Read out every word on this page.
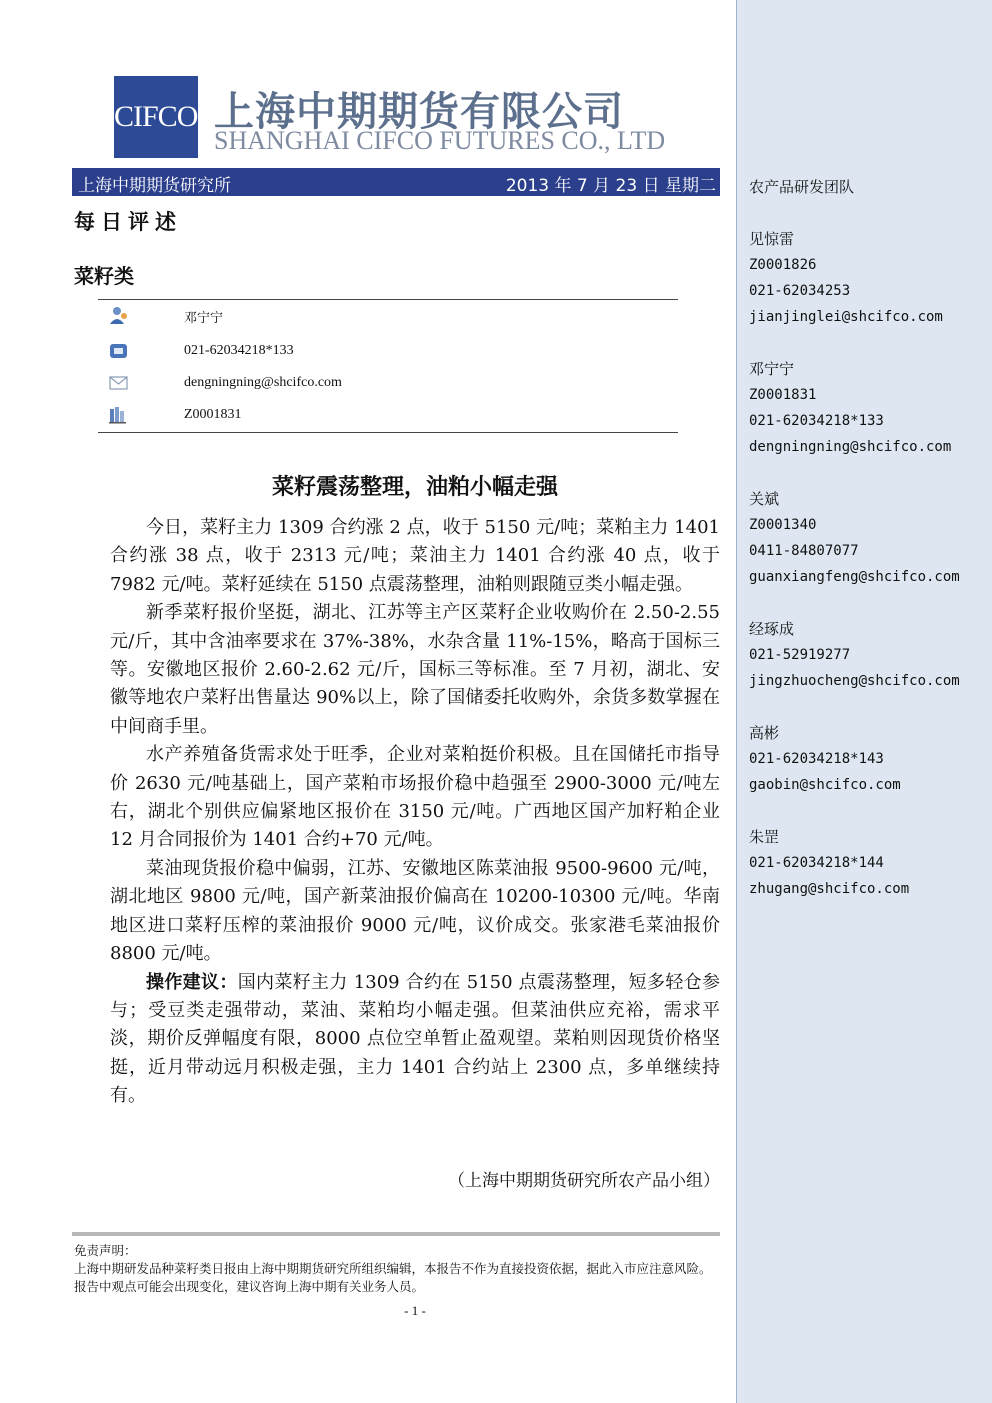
CIFCO 上海中期期货有限公司
SHANGHAI CIFCO FUTURES CO., LTD
上海中期期货研究所	2013 年 7 月 23 日 星期二
每日评述
菜籽类
邓宁宁
021-62034218*133
dengningning@shcifco.com
Z0001831
菜籽震荡整理，油粕小幅走强

今日，菜籽主力 1309 合约涨 2 点，收于 5150 元/吨；菜粕主力 1401 合约涨 38 点，收于 2313 元/吨；菜油主力 1401 合约涨 40 点，收于 7982 元/吨。菜籽延续在 5150 点震荡整理，油粕则跟随豆类小幅走强。

新季菜籽报价坚挺，湖北、江苏等主产区菜籽企业收购价在 2.50-2.55 元/斤，其中含油率要求在 37%-38%，水杂含量 11%-15%，略高于国标三等。安徽地区报价 2.60-2.62 元/斤，国标三等标准。至 7 月初，湖北、安徽等地农户菜籽出售量达 90%以上，除了国储委托收购外，余货多数掌握在中间商手里。

水产养殖备货需求处于旺季，企业对菜粕挺价积极。且在国储托市指导价 2630 元/吨基础上，国产菜粕市场报价稳中趋强至 2900-3000 元/吨左右，湖北个别供应偏紧地区报价在 3150 元/吨。广西地区国产加籽粕企业 12 月合同报价为 1401 合约+70 元/吨。

菜油现货报价稳中偏弱，江苏、安徽地区陈菜油报 9500-9600 元/吨，湖北地区 9800 元/吨，国产新菜油报价偏高在 10200-10300 元/吨。华南地区进口菜籽压榨的菜油报价 9000 元/吨，议价成交。张家港毛菜油报价 8800 元/吨。

操作建议：国内菜籽主力 1309 合约在 5150 点震荡整理，短多轻仓参与；受豆类走强带动，菜油、菜粕均小幅走强。但菜油供应充裕，需求平淡，期价反弹幅度有限，8000 点位空单暂止盈观望。菜粕则因现货价格坚挺，近月带动远月积极走强，主力 1401 合约站上 2300 点，多单继续持有。

（上海中期期货研究所农产品小组）
免责声明：
上海中期研发品种菜籽类日报由上海中期期货研究所组织编辑，本报告不作为直接投资依据，据此入市应注意风险。报告中观点可能会出现变化，建议咨询上海中期有关业务人员。
- 1 -
农产品研发团队
见惊雷
Z0001826
021-62034253
jianjinglei@shcifco.com
邓宁宁
Z0001831
021-62034218*133
dengningning@shcifco.com
关斌
Z0001340
0411-84807077
guanxiangfeng@shcifco.com
经琢成
021-52919277
jingzhuocheng@shcifco.com
高彬
021-62034218*143
gaobin@shcifco.com
朱罡
021-62034218*144
zhugang@shcifco.com
